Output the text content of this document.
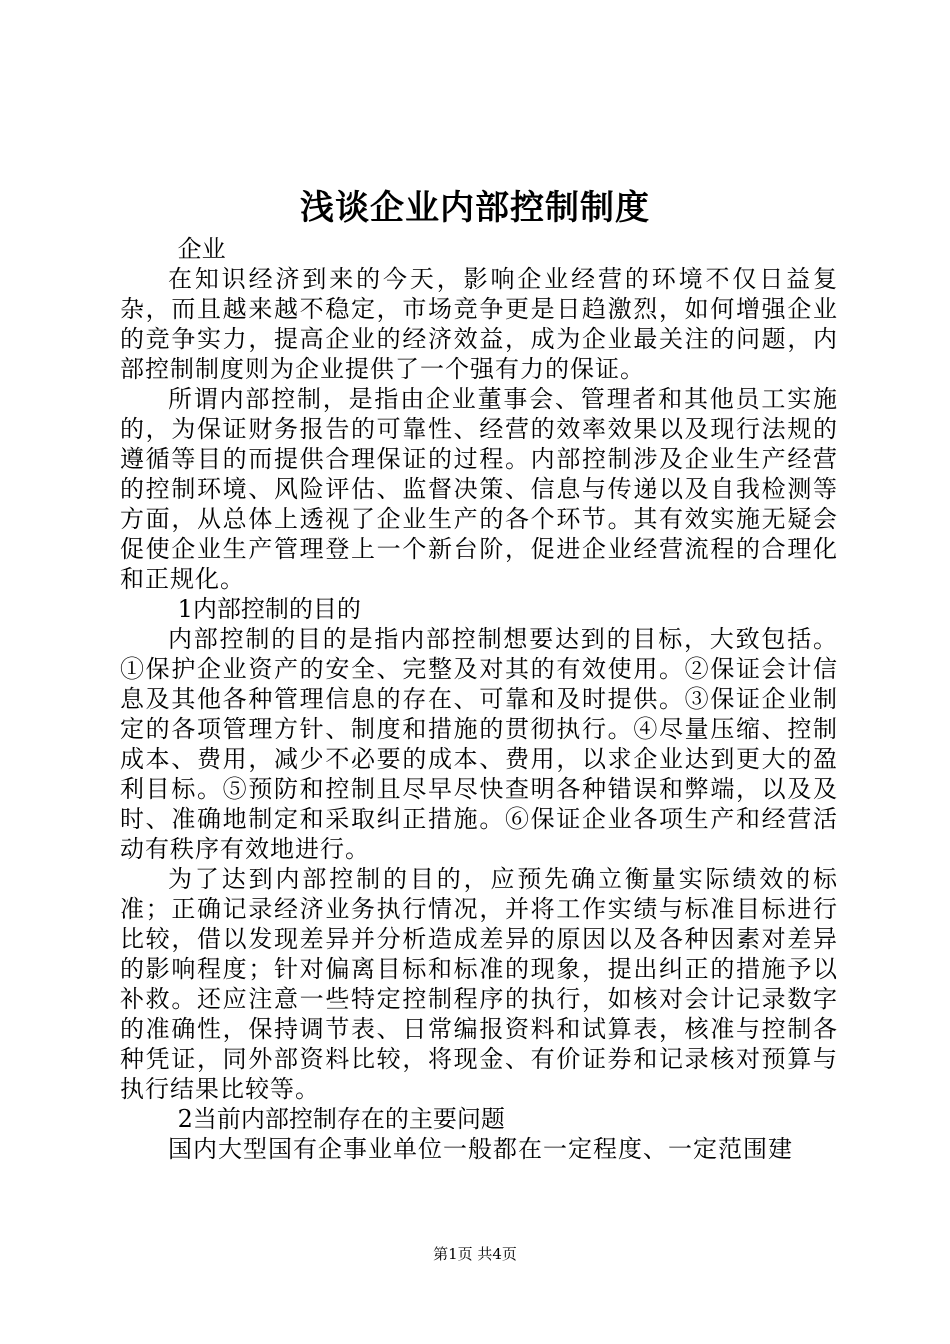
浅谈企业内部控制制度

企业

在知识经济到来的今天，影响企业经营的环境不仅日益复杂，而且越来越不稳定，市场竞争更是日趋激烈，如何增强企业的竞争实力，提高企业的经济效益，成为企业最关注的问题，内部控制制度则为企业提供了一个强有力的保证。

所谓内部控制，是指由企业董事会、管理者和其他员工实施的，为保证财务报告的可靠性、经营的效率效果以及现行法规的遵循等目的而提供合理保证的过程。内部控制涉及企业生产经营的控制环境、风险评估、监督决策、信息与传递以及自我检测等方面，从总体上透视了企业生产的各个环节。其有效实施无疑会促使企业生产管理登上一个新台阶，促进企业经营流程的合理化和正规化。

1内部控制的目的

内部控制的目的是指内部控制想要达到的目标，大致包括。①保护企业资产的安全、完整及对其的有效使用。②保证会计信息及其他各种管理信息的存在、可靠和及时提供。③保证企业制定的各项管理方针、制度和措施的贯彻执行。④尽量压缩、控制成本、费用，减少不必要的成本、费用，以求企业达到更大的盈利目标。⑤预防和控制且尽早尽快查明各种错误和弊端，以及及时、准确地制定和采取纠正措施。⑥保证企业各项生产和经营活动有秩序有效地进行。

为了达到内部控制的目的，应预先确立衡量实际绩效的标准；正确记录经济业务执行情况，并将工作实绩与标准目标进行比较，借以发现差异并分析造成差异的原因以及各种因素对差异的影响程度；针对偏离目标和标准的现象，提出纠正的措施予以补救。还应注意一些特定控制程序的执行，如核对会计记录数字的准确性，保持调节表、日常编报资料和试算表，核准与控制各种凭证，同外部资料比较，将现金、有价证券和记录核对预算与执行结果比较等。

2当前内部控制存在的主要问题

国内大型国有企事业单位一般都在一定程度、一定范围建

第1页 共4页
